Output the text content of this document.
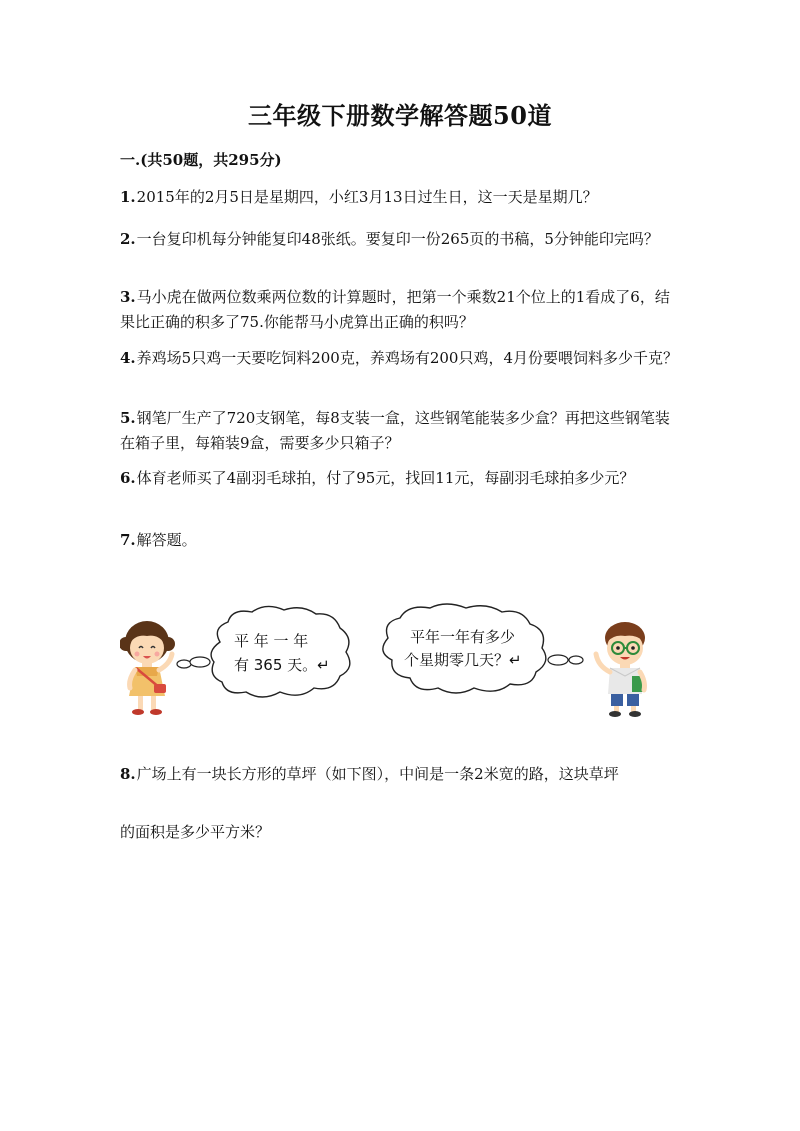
三年级下册数学解答题50道
一.(共50题，共295分)
1.2015年的2月5日是星期四，小红3月13日过生日，这一天是星期几？
2.一台复印机每分钟能复印48张纸。要复印一份265页的书稿，5分钟能印完吗？
3.马小虎在做两位数乘两位数的计算题时，把第一个乘数21个位上的1看成了6，结果比正确的积多了75.你能帮马小虎算出正确的积吗？
4.养鸡场5只鸡一天要吃饲料200克，养鸡场有200只鸡，4月份要喂饲料多少千克？
5.钢笔厂生产了720支钢笔，每8支装一盒，这些钢笔能装多少盒？再把这些钢笔装在箱子里，每箱装9盒，需要多少只箱子？
6.体育老师买了4副羽毛球拍，付了95元，找回11元，每副羽毛球拍多少元？
7.解答题。
平 年 一 年
有 365 天。↵
平年一年有多少
个星期零几天？↵
8.广场上有一块长方形的草坪（如下图），中间是一条2米宽的路，这块草坪
的面积是多少平方米？
